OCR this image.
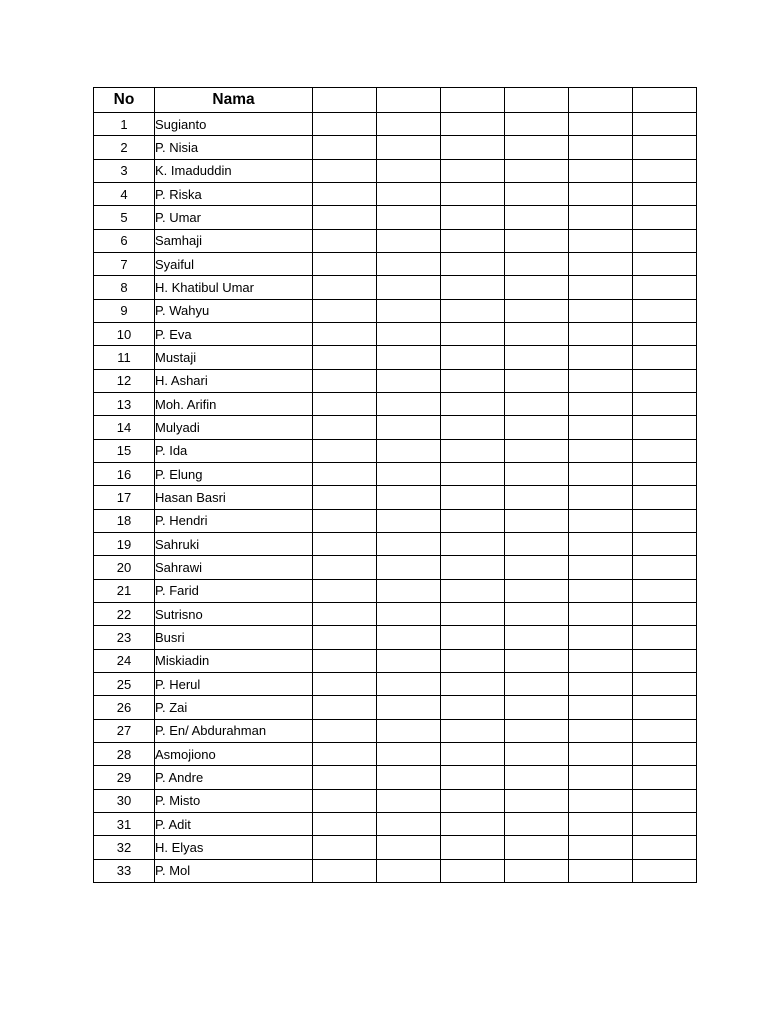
No	Nama						
1	Sugianto						
2	P. Nisia						
3	K. Imaduddin						
4	P. Riska						
5	P. Umar						
6	Samhaji						
7	Syaiful						
8	H. Khatibul Umar						
9	P. Wahyu						
10	P. Eva						
11	Mustaji						
12	H. Ashari						
13	Moh. Arifin						
14	Mulyadi						
15	P. Ida						
16	P. Elung						
17	Hasan Basri						
18	P. Hendri						
19	Sahruki						
20	Sahrawi						
21	P. Farid						
22	Sutrisno						
23	Busri						
24	Miskiadin						
25	P. Herul						
26	P. Zai						
27	P. En/ Abdurahman						
28	Asmojiono						
29	P. Andre						
30	P. Misto						
31	P. Adit						
32	H. Elyas						
33	P. Mol						
